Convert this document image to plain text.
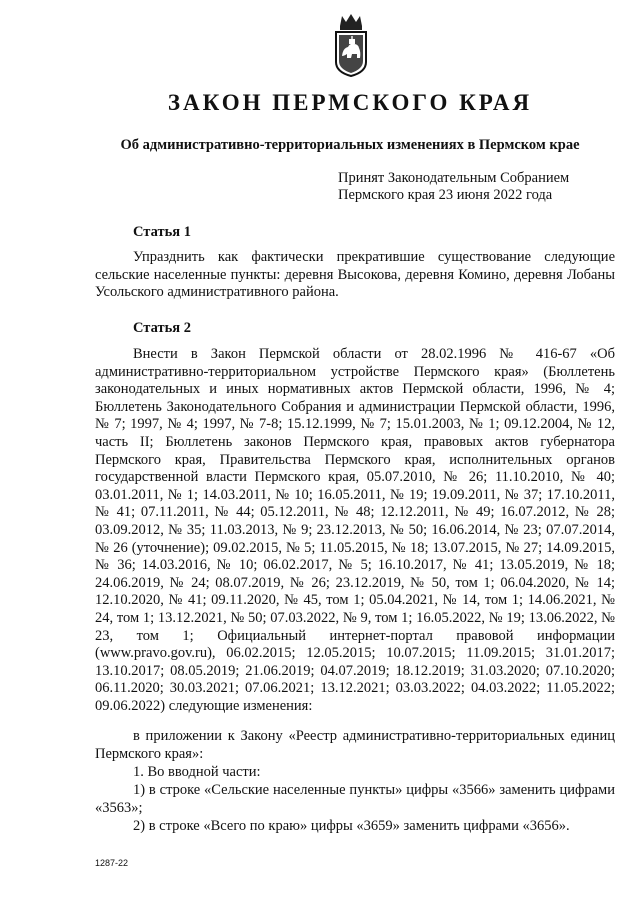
ЗАКОН ПЕРМСКОГО КРАЯ
Об административно-территориальных изменениях в Пермском крае
Принят Законодательным Собранием Пермского края 23 июня 2022 года
Статья 1
Упразднить как фактически прекратившие существование следующие сельские населенные пункты: деревня Высокова, деревня Комино, деревня Лобаны Усольского административного района.
Статья 2
Внести в Закон Пермской области от 28.02.1996 № 416-67 «Об административно-территориальном устройстве Пермского края» (Бюллетень законодательных и иных нормативных актов Пермской области, 1996, № 4; Бюллетень Законодательного Собрания и администрации Пермской области, 1996, № 7; 1997, № 4; 1997, № 7-8; 15.12.1999, № 7; 15.01.2003, № 1; 09.12.2004, № 12, часть II; Бюллетень законов Пермского края, правовых актов губернатора Пермского края, Правительства Пермского края, исполнительных органов государственной власти Пермского края, 05.07.2010, № 26; 11.10.2010, № 40; 03.01.2011, № 1; 14.03.2011, № 10; 16.05.2011, № 19; 19.09.2011, № 37; 17.10.2011, № 41; 07.11.2011, № 44; 05.12.2011, № 48; 12.12.2011, № 49; 16.07.2012, № 28; 03.09.2012, № 35; 11.03.2013, № 9; 23.12.2013, № 50; 16.06.2014, № 23; 07.07.2014, № 26 (уточнение); 09.02.2015, № 5; 11.05.2015, № 18; 13.07.2015, № 27; 14.09.2015, № 36; 14.03.2016, № 10; 06.02.2017, № 5; 16.10.2017, № 41; 13.05.2019, № 18; 24.06.2019, № 24; 08.07.2019, № 26; 23.12.2019, № 50, том 1; 06.04.2020, № 14; 12.10.2020, № 41; 09.11.2020, № 45, том 1; 05.04.2021, № 14, том 1; 14.06.2021, № 24, том 1; 13.12.2021, № 50; 07.03.2022, № 9, том 1; 16.05.2022, № 19; 13.06.2022, № 23, том 1; Официальный интернет-портал правовой информации (www.pravo.gov.ru), 06.02.2015; 12.05.2015; 10.07.2015; 11.09.2015; 31.01.2017; 13.10.2017; 08.05.2019; 21.06.2019; 04.07.2019; 18.12.2019; 31.03.2020; 07.10.2020; 06.11.2020; 30.03.2021; 07.06.2021; 13.12.2021; 03.03.2022; 04.03.2022; 11.05.2022; 09.06.2022) следующие изменения:
в приложении к Закону «Реестр административно-территориальных единиц Пермского края»:
1. Во вводной части:
1) в строке «Сельские населенные пункты» цифры «3566» заменить цифрами «3563»;
2) в строке «Всего по краю» цифры «3659» заменить цифрами «3656».
1287-22
